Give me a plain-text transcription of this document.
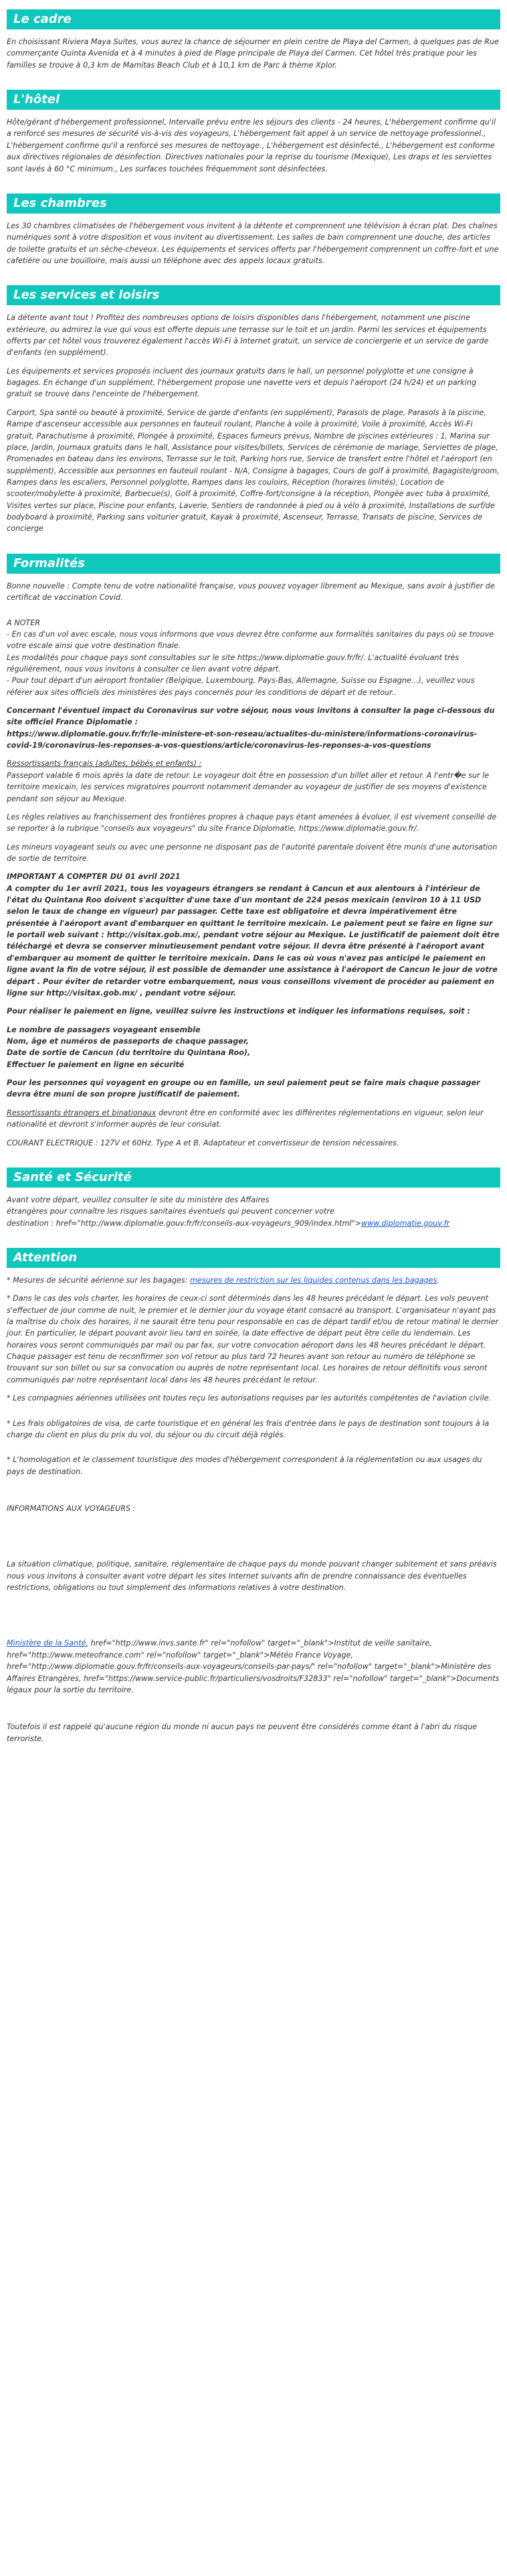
Le cadre

En choisissant Riviera Maya Suites, vous aurez la chance de séjourner en plein centre de Playa del Carmen, à quelques pas de Rue commerçante Quinta Avenida et à 4 minutes à pied de Plage principale de Playa del Carmen. Cet hôtel très pratique pour les familles se trouve à 0,3 km de Mamitas Beach Club et à 10,1 km de Parc à thème Xplor.

L'hôtel

Hôte/gérant d'hébergement professionnel, Intervalle prévu entre les séjours des clients - 24 heures, L'hébergement confirme qu'il a renforcé ses mesures de sécurité vis-à-vis des voyageurs, L'hébergement fait appel à un service de nettoyage professionnel., L'hébergement confirme qu'il a renforcé ses mesures de nettoyage., L'hébergement est désinfecté., L'hébergement est conforme aux directives régionales de désinfection. Directives nationales pour la reprise du tourisme (Mexique), Les draps et les serviettes sont lavés à 60 °C minimum., Les surfaces touchées fréquemment sont désinfectées.

Les chambres

Les 30 chambres climatisées de l'hébergement vous invitent à la détente et comprennent une télévision à écran plat. Des chaînes numériques sont à votre disposition et vous invitent au divertissement. Les salles de bain comprennent une douche, des articles de toilette gratuits et un sèche-cheveux. Les équipements et services offerts par l'hébergement comprennent un coffre-fort et une cafetière ou une bouilloire, mais aussi un téléphone avec des appels locaux gratuits.

Les services et loisirs

La détente avant tout ! Profitez des nombreuses options de loisirs disponibles dans l'hébergement, notamment une piscine extérieure, ou admirez la vue qui vous est offerte depuis une terrasse sur le toit et un jardin. Parmi les services et équipements offerts par cet hôtel vous trouverez également l'accès Wi-Fi à Internet gratuit, un service de conciergerie et un service de garde d'enfants (en supplément).

Les équipements et services proposés incluent des journaux gratuits dans le hall, un personnel polyglotte et une consigne à bagages. En échange d'un supplément, l'hébergement propose une navette vers et depuis l'aéroport (24 h/24) et un parking gratuit se trouve dans l'enceinte de l'hébergement.

Carport, Spa santé ou beauté à proximité, Service de garde d'enfants (en supplément), Parasols de plage, Parasols à la piscine, Rampe d'ascenseur accessible aux personnes en fauteuil roulant, Planche à voile à proximité, Voile à proximité, Accès Wi-Fi gratuit, Parachutisme à proximité, Plongée à proximité, Espaces fumeurs prévus, Nombre de piscines extérieures : 1, Marina sur place, Jardin, Journaux gratuits dans le hall, Assistance pour visites/billets, Services de cérémonie de mariage, Serviettes de plage, Promenades en bateau dans les environs, Terrasse sur le toit, Parking hors rue, Service de transfert entre l'hôtel et l'aéroport (en supplément), Accessible aux personnes en fauteuil roulant - N/A, Consigne à bagages, Cours de golf à proximité, Bagagiste/groom, Rampes dans les escaliers, Personnel polyglotte, Rampes dans les couloirs, Réception (horaires limités), Location de scooter/mobylette à proximité, Barbecue(s), Golf à proximité, Coffre-fort/consigne à la réception, Plongée avec tuba à proximité, Visites vertes sur place, Piscine pour enfants, Laverie, Sentiers de randonnée à pied ou à vélo à proximité, Installations de surf/de bodyboard à proximité, Parking sans voiturier gratuit, Kayak à proximité, Ascenseur, Terrasse, Transats de piscine, Services de concierge

Formalités

Bonne nouvelle : Compte tenu de votre nationalité française, vous pouvez voyager librement au Mexique, sans avoir à justifier de certificat de vaccination Covid.

A NOTER

- En cas d'un vol avec escale, nous vous informons que vous devrez être conforme aux formalités sanitaires du pays où se trouve votre escale ainsi que votre destination finale.

Les modalités pour chaque pays sont consultables sur le site https://www.diplomatie.gouv.fr/fr/. L'actualité évoluant très régulièrement, nous vous invitons à consulter ce lien avant votre départ.

- Pour tout départ d'un aéroport frontalier (Belgique, Luxembourg, Pays-Bas, Allemagne, Suisse ou Espagne...), veuillez vous référer aux sites officiels des ministères des pays concernés pour les conditions de départ et de retour..

Concernant l'éventuel impact du Coronavirus sur votre séjour, nous vous invitons à consulter la page ci-dessous du site officiel France Diplomatie :
https://www.diplomatie.gouv.fr/fr/le-ministere-et-son-reseau/actualites-du-ministere/informations-coronavirus-covid-19/coronavirus-les-reponses-a-vos-questions/article/coronavirus-les-reponses-a-vos-questions

Ressortissants français (adultes, bébés et enfants) :
Passeport valable 6 mois après la date de retour. Le voyageur doit être en possession d'un billet aller et retour. A l'entr�e sur le territoire mexicain, les services migratoires pourront notamment demander au voyageur de justifier de ses moyens d'existence pendant son séjour au Mexique.

Les règles relatives au franchissement des frontières propres à chaque pays étant amenées à évoluer, il est vivement conseillé de se reporter à la rubrique "conseils aux voyageurs" du site France Diplomatie, https://www.diplomatie.gouv.fr/.

Les mineurs voyageant seuls ou avec une personne ne disposant pas de l'autorité parentale doivent être munis d'une autorisation de sortie de territoire.

IMPORTANT A COMPTER DU 01 avril 2021
A compter du 1er avril 2021, tous les voyageurs étrangers se rendant à Cancun et aux alentours à l'intérieur de l'état du Quintana Roo doivent s'acquitter d'une taxe d'un montant de 224 pesos mexicain (environ 10 à 11 USD selon le taux de change en vigueur) par passager. Cette taxe est obligatoire et devra impérativement être présentée à l'aéroport avant d'embarquer en quittant le territoire mexicain. Le paiement peut se faire en ligne sur le portail web suivant : http://visitax.gob.mx/, pendant votre séjour au Mexique. Le justificatif de paiement doit être téléchargé et devra se conserver minutieusement pendant votre séjour. Il devra être présenté à l'aéroport avant d'embarquer au moment de quitter le territoire mexicain. Dans le cas où vous n'avez pas anticipé le paiement en ligne avant la fin de votre séjour, il est possible de demander une assistance à l'aéroport de Cancun le jour de votre départ . Pour éviter de retarder votre embarquement, nous vous conseillons vivement de procéder au paiement en ligne sur http://visitax.gob.mx/ , pendant votre séjour.

Pour réaliser le paiement en ligne, veuillez suivre les instructions et indiquer les informations requises, soit :

Le nombre de passagers voyageant ensemble

Nom, âge et numéros de passeports de chaque passager,

Date de sortie de Cancun (du territoire du Quintana Roo),

Effectuer le paiement en ligne en sécurité

Pour les personnes qui voyagent en groupe ou en famille, un seul paiement peut se faire mais chaque passager devra être muni de son propre justificatif de paiement.

Ressortissants étrangers et binationaux devront être en conformité avec les différentes réglementations en vigueur, selon leur nationalité et devront s'informer auprès de leur consulat.

COURANT ELECTRIQUE : 127V et 60Hz. Type A et B. Adaptateur et convertisseur de tension nécessaires.

Santé et Sécurité

Avant votre départ, veuillez consulter le site du ministère des Affaires
étrangères pour connaître les risques sanitaires éventuels qui peuvent concerner votre
destination : href="http://www.diplomatie.gouv.fr/fr/conseils-aux-voyageurs_909/index.html">www.diplomatie.gouv.fr

Attention

* Mesures de sécurité aérienne sur les bagages: mesures de restriction sur les liquides contenus dans les bagages.

* Dans le cas des vols charter, les horaires de ceux-ci sont déterminés dans les 48 heures précédant le départ. Les vols peuvent s'effectuer de jour comme de nuit, le premier et le dernier jour du voyage étant consacré au transport. L'organisateur n'ayant pas la maîtrise du choix des horaires, il ne saurait être tenu pour responsable en cas de départ tardif et/ou de retour matinal le dernier jour. En particulier, le départ pouvant avoir lieu tard en soirée, la date effective de départ peut être celle du lendemain. Les horaires vous seront communiqués par mail ou par fax, sur votre convocation aéroport dans les 48 heures précédant le départ. Chaque passager est tenu de reconfirmer son vol retour au plus tard 72 heures avant son retour au numéro de téléphone se trouvant sur son billet ou sur sa convocation ou auprès de notre représentant local. Les horaires de retour définitifs vous seront communiqués par notre représentant local dans les 48 heures précédant le retour.

* Les compagnies aériennes utilisées ont toutes reçu les autorisations requises par les autorités compétentes de l'aviation civile.

* Les frais obligatoires de visa, de carte touristique et en général les frais d'entrée dans le pays de destination sont toujours à la charge du client en plus du prix du vol, du séjour ou du circuit déjà réglés.

* L'homologation et le classement touristique des modes d'hébergement correspondent à la réglementation ou aux usages du pays de destination.

INFORMATIONS AUX VOYAGEURS :

La situation climatique, politique, sanitaire, réglementaire de chaque pays du monde pouvant changer subitement et sans préavis
nous vous invitons à consulter avant votre départ les sites Internet suivants afin de prendre connaissance des éventuelles restrictions, obligations ou tout simplement des informations relatives à votre destination.

Ministère de la Santé, href="http://www.invs.sante.fr" rel="nofollow" target="_blank">Institut de veille sanitaire, href="http://www.meteofrance.com" rel="nofollow" target="_blank">Météo France Voyage, href="http://www.diplomatie.gouv.fr/fr/conseils-aux-voyageurs/conseils-par-pays/" rel="nofollow" target="_blank">Ministère des Affaires Etrangères, href="https://www.service-public.fr/particuliers/vosdroits/F32833" rel="nofollow" target="_blank">Documents légaux pour la sortie du territoire.

Toutefois il est rappelé qu'aucune région du monde ni aucun pays ne peuvent être considérés comme étant à l'abri du risque terroriste.
